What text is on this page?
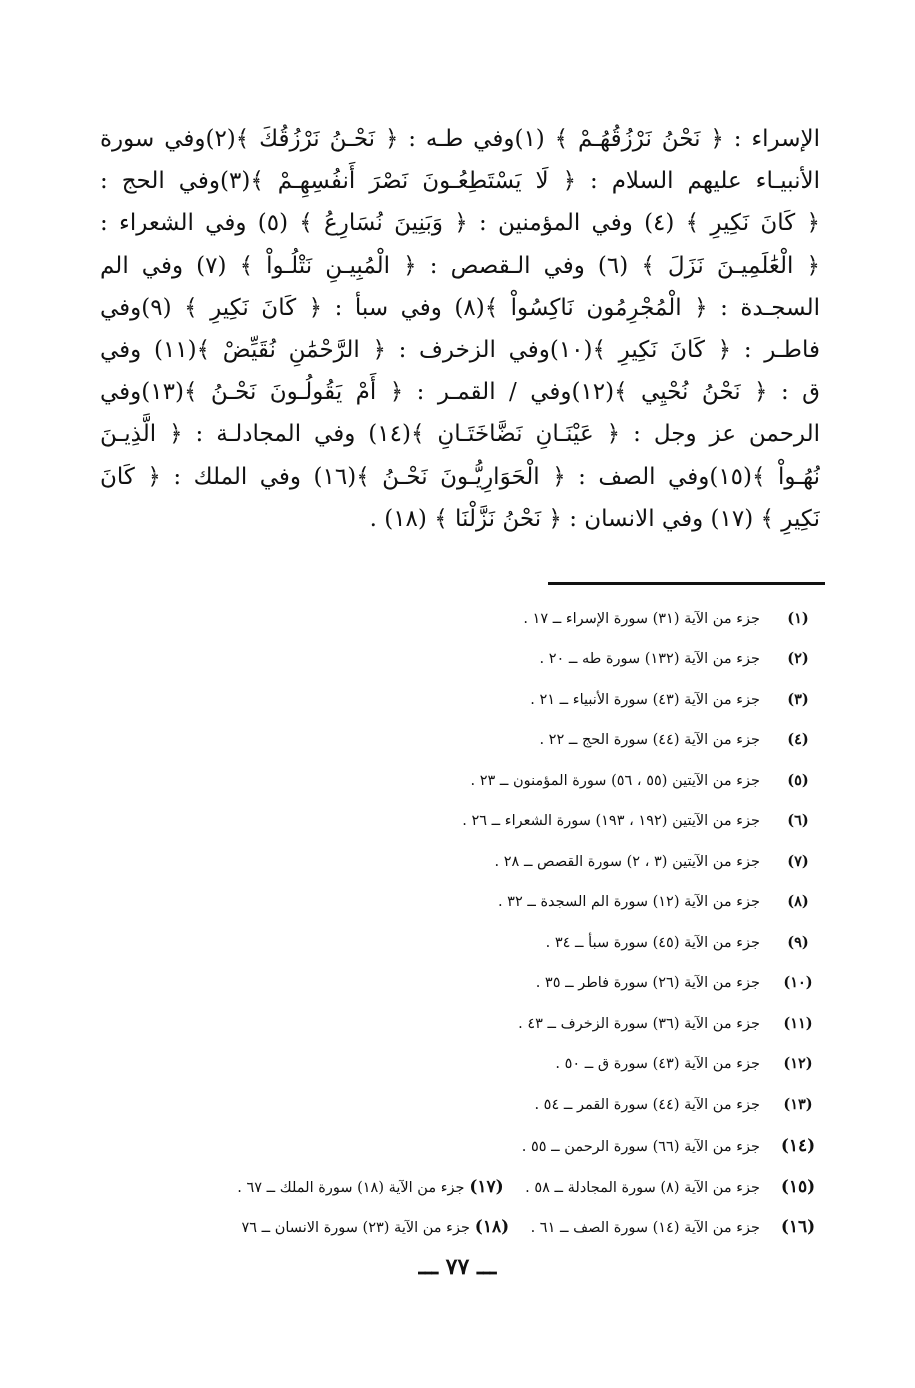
الإسراء : ﴿ نَحْنُ نَرْزُقُهُـمْ ﴾ (١)وفي طـه : ﴿ نَحْـنُ نَرْزُقُكَ ﴾(٢)وفي سورة
الأنبيـاء عليهم السلام : ﴿ لَا يَسْتَطِعُـونَ نَصْرَ أَنفُسِهِـمْ ﴾(٣)وفي الحج :
﴿ كَانَ نَكِيرِ ﴾ (٤) وفي المؤمنين : ﴿ وَبَنِينَ نُسَارِعُ ﴾ (٥) وفي الشعراء :
﴿ الْعَٰلَمِيـنَ نَزَلَ ﴾ (٦) وفي الـقصص : ﴿ الْمُبِيـنِ نَتْلُـواْ ﴾ (٧) وفي الم
السجـدة : ﴿ الْمُجْرِمُون نَاكِسُواْ ﴾(٨) وفي سبأ : ﴿ كَانَ نَكِيرِ ﴾ (٩)وفي
فاطـر : ﴿ كَانَ نَكِيرِ ﴾(١٠)وفي الزخرف : ﴿ الرَّحْمَٰنِ نُقَيِّضْ ﴾(١١) وفي
ق : ﴿ نَحْنُ نُحْيِي ﴾(١٢)وفي / القمـر : ﴿ أَمْ يَقُولُـونَ نَحْـنُ ﴾(١٣)وفي
الرحمن عز وجل : ﴿ عَيْنَـانِ نَضَّاخَتَـانِ ﴾(١٤) وفي المجادلـة : ﴿ الَّذِيـنَ
نُهُـواْ ﴾(١٥)وفي الصف : ﴿ الْحَوَارِيُّـونَ نَحْـنُ ﴾(١٦) وفي الملك : ﴿ كَانَ
نَكِيرِ ﴾ (١٧) وفي الانسان : ﴿ نَحْنُ نَزَّلْنَا ﴾ (١٨) .
(١)جزء من الآية (٣١) سورة الإسراء ــ ١٧ .
(٢)جزء من الآية (١٣٢) سورة طه ــ ٢٠ .
(٣)جزء من الآية (٤٣) سورة الأنبياء ــ ٢١ .
(٤)جزء من الآية (٤٤) سورة الحج ــ ٢٢ .
(٥)جزء من الآيتين (٥٥ ، ٥٦) سورة المؤمنون ــ ٢٣ .
(٦)جزء من الآيتين (١٩٢ ، ١٩٣) سورة الشعراء ــ ٢٦ .
(٧)جزء من الآيتين (٣ ، ٢) سورة القصص ــ ٢٨ .
(٨)جزء من الآية (١٢) سورة الم السجدة ــ ٣٢ .
(٩)جزء من الآية (٤٥) سورة سبأ ــ ٣٤ .
(١٠)جزء من الآية (٢٦) سورة فاطر ــ ٣٥ .
(١١)جزء من الآية (٣٦) سورة الزخرف ــ ٤٣ .
(١٢)جزء من الآية (٤٣) سورة ق ــ ٥٠ .
(١٣)جزء من الآية (٤٤) سورة القمر ــ ٥٤ .
(١٤)جزء من الآية (٦٦) سورة الرحمن ــ ٥٥ .
(١٥)جزء من الآية (٨) سورة المجادلة ــ ٥٨ . (١٧)جزء من الآية (١٨) سورة الملك ــ ٦٧ .
(١٦)جزء من الآية (١٤) سورة الصف ــ ٦١ . (١٨)جزء من الآية (٢٣) سورة الانسان ــ ٧٦
ـــ ٧٧ ـــ
